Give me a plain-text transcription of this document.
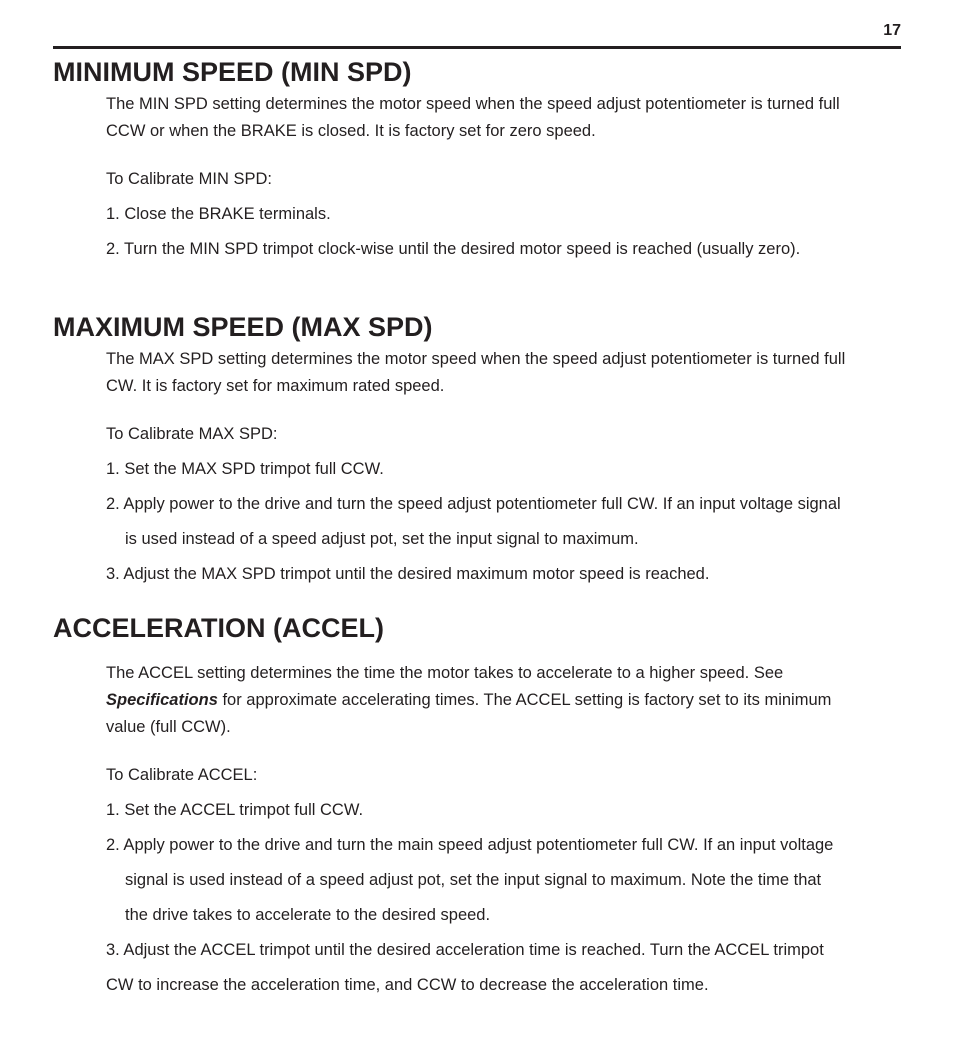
17
MINIMUM SPEED (MIN SPD)

The MIN SPD setting determines the motor speed when the speed adjust potentiometer is turned full

CCW or when the BRAKE is closed. It is factory set for zero speed.

To Calibrate MIN SPD:

1. Close the BRAKE terminals.

2. Turn the MIN SPD trimpot clock-wise until the desired motor speed is reached (usually zero).

MAXIMUM SPEED (MAX SPD)

The MAX SPD setting determines the motor speed when the speed adjust potentiometer is turned full

CW. It is factory set for maximum rated speed.

To Calibrate MAX SPD:

1. Set the MAX SPD trimpot full CCW.

2. Apply power to the drive and turn the speed adjust potentiometer full CW. If an input voltage signal
is used instead of a speed adjust pot, set the input signal to maximum.

3. Adjust the MAX SPD trimpot until the desired maximum motor speed is reached.

ACCELERATION (ACCEL)

The ACCEL setting determines the time the motor takes to accelerate to a higher speed. See

Specifications for approximate accelerating times. The ACCEL setting is factory set to its minimum

value (full CCW).

To Calibrate ACCEL:

1. Set the ACCEL trimpot full CCW.

2. Apply power to the drive and turn the main speed adjust potentiometer full CW. If an input voltage
signal is used instead of a speed adjust pot, set the input signal to maximum. Note the time that
the drive takes to accelerate to the desired speed.

3. Adjust the ACCEL trimpot until the desired acceleration time is reached. Turn the ACCEL trimpot

CW to increase the acceleration time, and CCW to decrease the acceleration time.
